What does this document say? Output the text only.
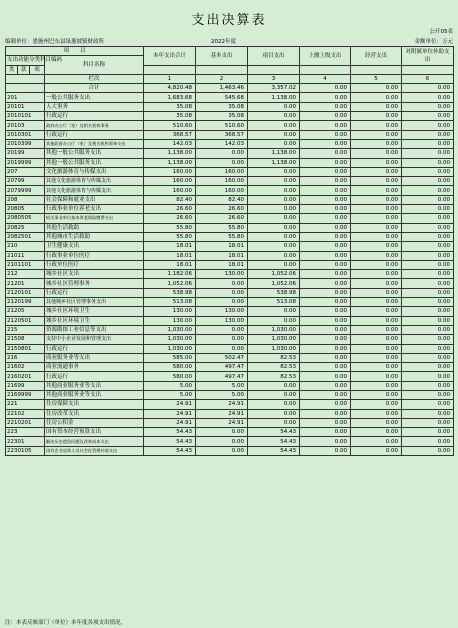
支出决算表
公开05表
编制单位：恩施州巴东县绿葱坡镇财政所	2022年度	金额单位：万元
项　　目				本年支出合计	基本支出	项目支出	上缴上级支出	经营支出	对附属单位补助支出
支出功能分类科目编码			科目名称						
类	款	项							
			栏次	1	2	3	4	5	6
			合计	4,820.48	1,463.46	3,357.02	0.00	0.00	0.00
201			一般公共服务支出	1,683.68	545.68	1,138.00	0.00	0.00	0.00
20101			人大事务	35.08	35.08	0.00	0.00	0.00	0.00
2010101			行政运行	35.08	35.08	0.00	0.00	0.00	0.00
20103			政府办公厅（室）及相关机构事务	510.60	510.60	0.00	0.00	0.00	0.00
2010301			行政运行	368.57	368.57	0.00	0.00	0.00	0.00
2010399			其他政府办公厅（室）及相关机构事务支出	142.03	142.03	0.00	0.00	0.00	0.00
20199			其他一般公共服务支出	1,138.00	0.00	1,138.00	0.00	0.00	0.00
2019999			其他一般公共服务支出	1,138.00	0.00	1,138.00	0.00	0.00	0.00
207			文化旅游体育与传媒支出	160.00	160.00	0.00	0.00	0.00	0.00
20799			其他文化旅游体育与传媒支出	160.00	160.00	0.00	0.00	0.00	0.00
2079999			其他文化旅游体育与传媒支出	160.00	160.00	0.00	0.00	0.00	0.00
208			社会保障和就业支出	82.40	82.40	0.00	0.00	0.00	0.00
20805			行政事业单位养老支出	26.60	26.60	0.00	0.00	0.00	0.00
2080505			机关事业单位基本养老保险缴费支出	26.60	26.60	0.00	0.00	0.00	0.00
20825			其他生活救助	55.80	55.80	0.00	0.00	0.00	0.00
2082501			其他城市生活救助	55.80	55.80	0.00	0.00	0.00	0.00
210			卫生健康支出	18.01	18.01	0.00	0.00	0.00	0.00
21011			行政事业单位医疗	18.01	18.01	0.00	0.00	0.00	0.00
2101101			行政单位医疗	18.01	18.01	0.00	0.00	0.00	0.00
212			城乡社区支出	1,182.06	130.00	1,052.06	0.00	0.00	0.00
21201			城乡社区管理事务	1,052.06	0.00	1,052.06	0.00	0.00	0.00
2120101			行政运行	538.98	0.00	538.98	0.00	0.00	0.00
2120199			其他城乡社区管理事务支出	513.08	0.00	513.08	0.00	0.00	0.00
21205			城乡社区环境卫生	130.00	130.00	0.00	0.00	0.00	0.00
2120501			城乡社区环境卫生	130.00	130.00	0.00	0.00	0.00	0.00
215			资源勘探工业信息等支出	1,030.00	0.00	1,030.00	0.00	0.00	0.00
21508			支持中小企业发展和管理支出	1,030.00	0.00	1,030.00	0.00	0.00	0.00
2150801			行政运行	1,030.00	0.00	1,030.00	0.00	0.00	0.00
216			商业服务业等支出	585.00	502.47	82.53	0.00	0.00	0.00
21602			商业流通事务	580.00	497.47	82.53	0.00	0.00	0.00
2160201			行政运行	580.00	497.47	82.53	0.00	0.00	0.00
21699			其他商业服务业等支出	5.00	5.00	0.00	0.00	0.00	0.00
2169999			其他商业服务业等支出	5.00	5.00	0.00	0.00	0.00	0.00
221			住房保障支出	24.91	24.91	0.00	0.00	0.00	0.00
22102			住房改革支出	24.91	24.91	0.00	0.00	0.00	0.00
2210201			住房公积金	24.91	24.91	0.00	0.00	0.00	0.00
223			国有资本经营预算支出	54.43	0.00	54.43	0.00	0.00	0.00
22301			解决历史遗留问题及改革成本支出	54.43	0.00	54.43	0.00	0.00	0.00
2230105			国有企业退休人员社会化管理补助支出	54.43	0.00	54.43	0.00	0.00	0.00
注：本表反映部门（单位）本年度各项支出情况。
